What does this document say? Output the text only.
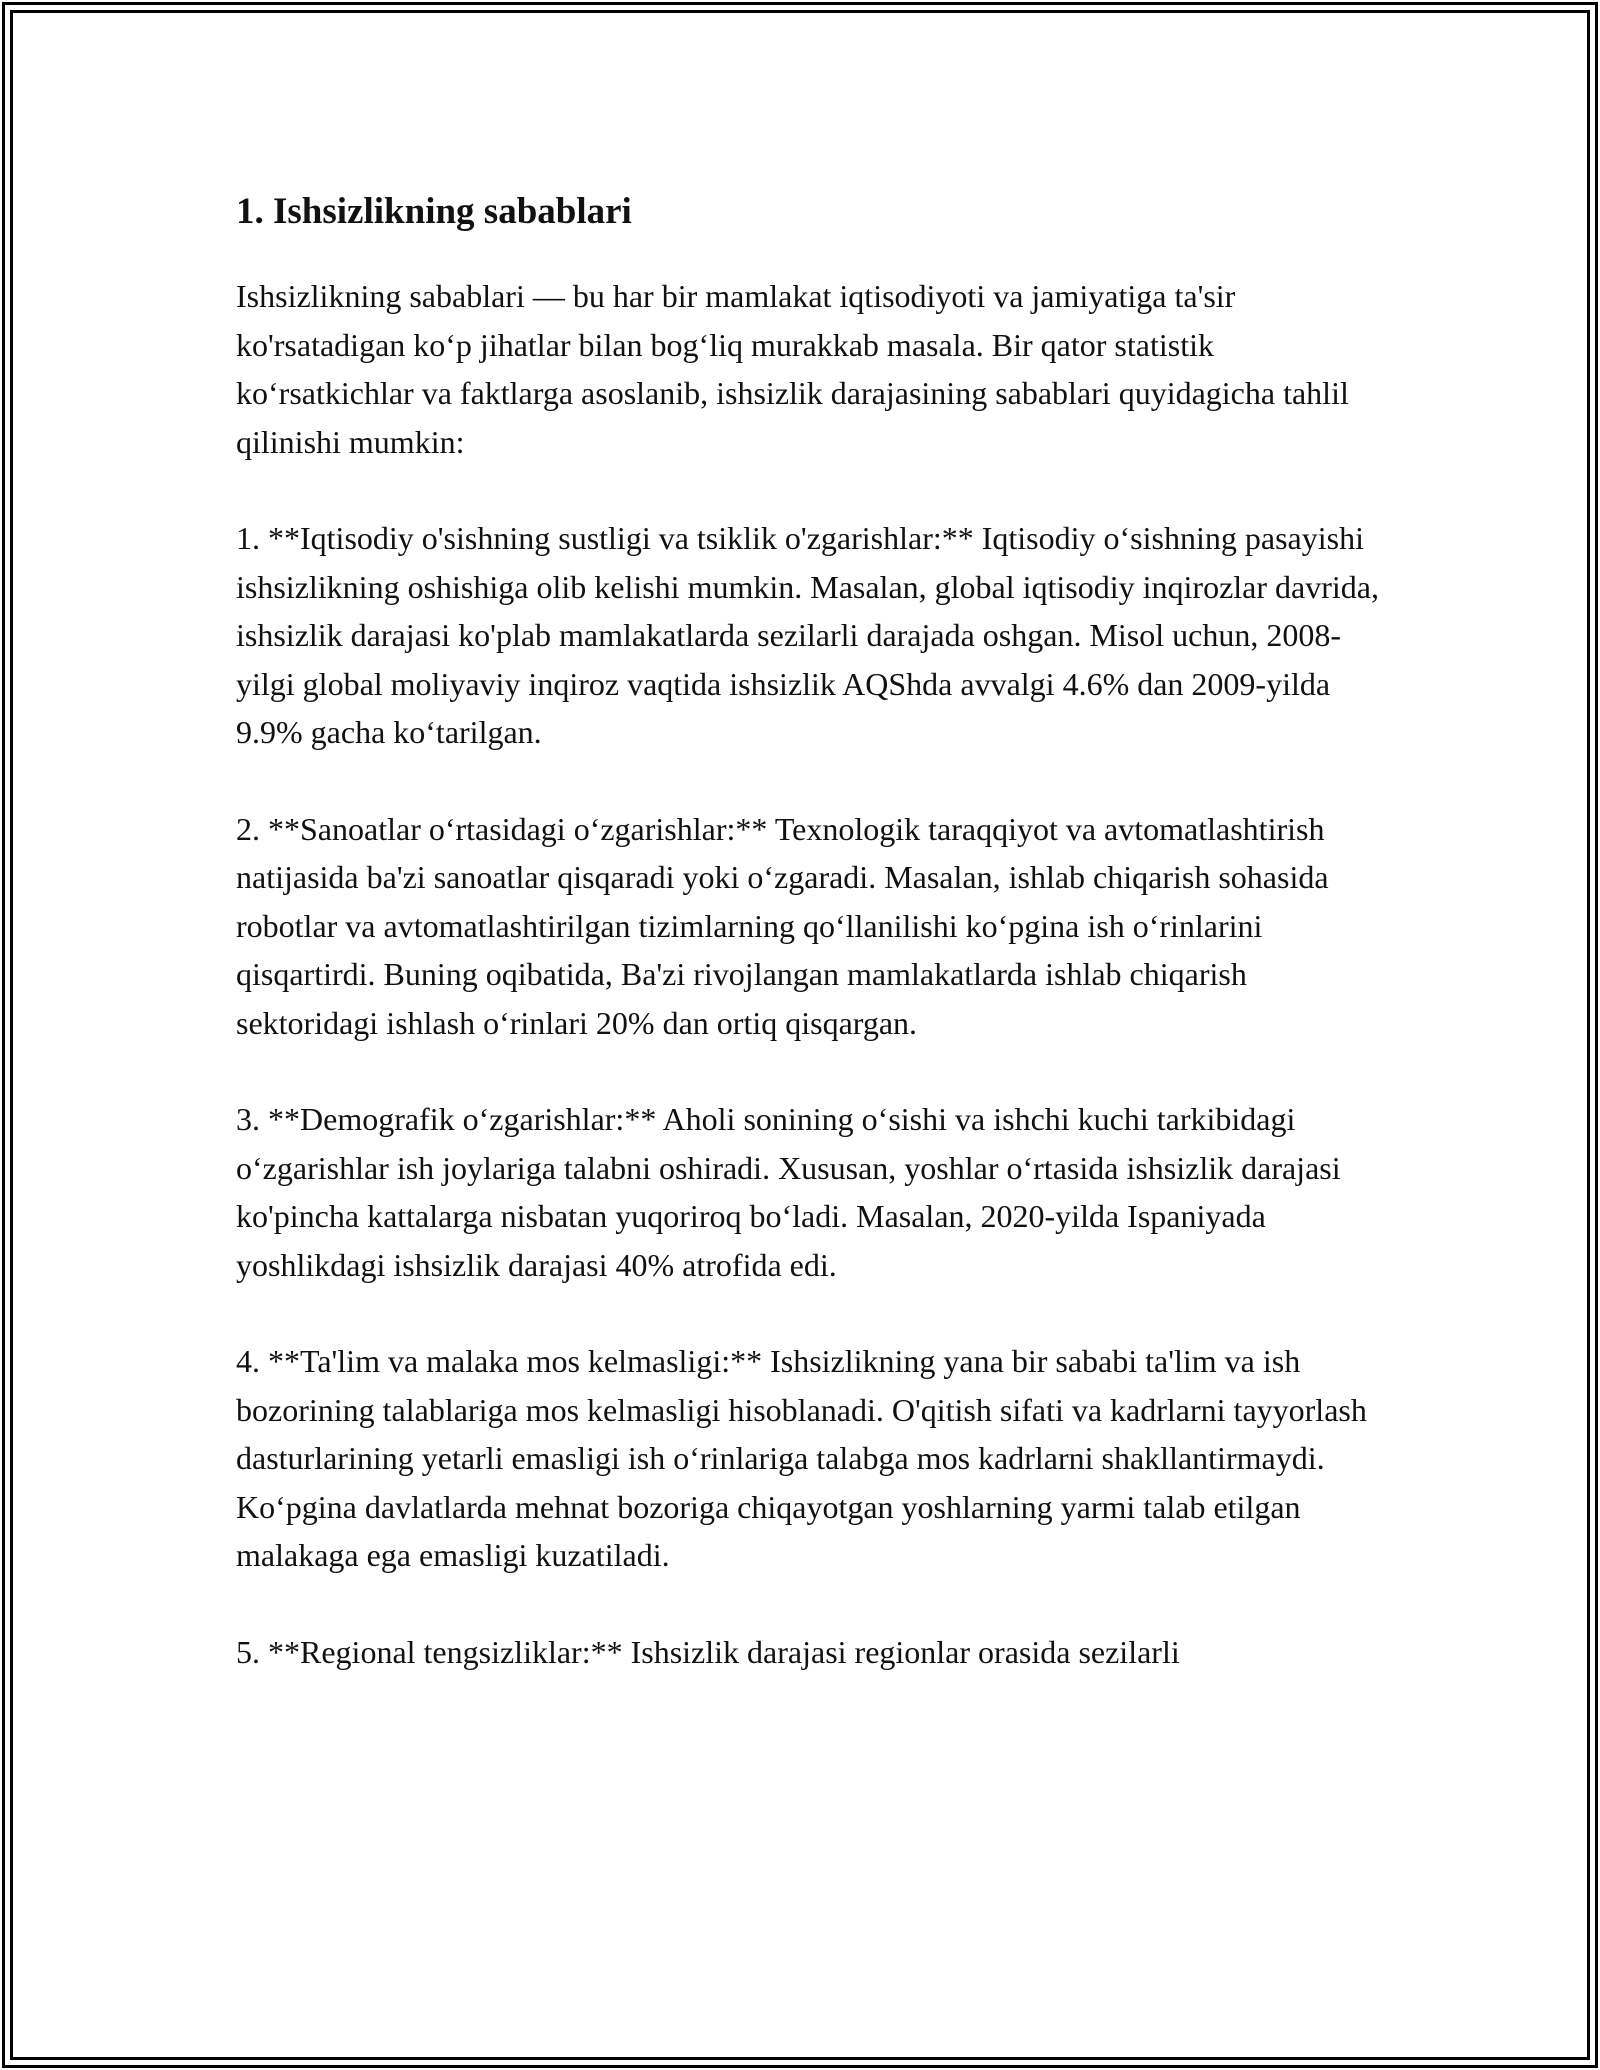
1. Ishsizlikning sabablari

Ishsizlikning sabablari — bu har bir mamlakat iqtisodiyoti va jamiyatiga ta'sir ko'rsatadigan ko‘p jihatlar bilan bog‘liq murakkab masala. Bir qator statistik ko‘rsatkichlar va faktlarga asoslanib, ishsizlik darajasining sabablari quyidagicha tahlil qilinishi mumkin:

1. **Iqtisodiy o'sishning sustligi va tsiklik o'zgarishlar:** Iqtisodiy o‘sishning pasayishi ishsizlikning oshishiga olib kelishi mumkin. Masalan, global iqtisodiy inqirozlar davrida, ishsizlik darajasi ko'plab mamlakatlarda sezilarli darajada oshgan. Misol uchun, 2008-yilgi global moliyaviy inqiroz vaqtida ishsizlik AQShda avvalgi 4.6% dan 2009-yilda 9.9% gacha ko‘tarilgan.

2. **Sanoatlar o‘rtasidagi o‘zgarishlar:** Texnologik taraqqiyot va avtomatlashtirish natijasida ba'zi sanoatlar qisqaradi yoki o‘zgaradi. Masalan, ishlab chiqarish sohasida robotlar va avtomatlashtirilgan tizimlarning qo‘llanilishi ko‘pgina ish o‘rinlarini qisqartirdi. Buning oqibatida, Ba'zi rivojlangan mamlakatlarda ishlab chiqarish sektoridagi ishlash o‘rinlari 20% dan ortiq qisqargan.

3. **Demografik o‘zgarishlar:** Aholi sonining o‘sishi va ishchi kuchi tarkibidagi o‘zgarishlar ish joylariga talabni oshiradi. Xususan, yoshlar o‘rtasida ishsizlik darajasi ko'pincha kattalarga nisbatan yuqoriroq bo‘ladi. Masalan, 2020-yilda Ispaniyada yoshlikdagi ishsizlik darajasi 40% atrofida edi.

4. **Ta'lim va malaka mos kelmasligi:** Ishsizlikning yana bir sababi ta'lim va ish bozorining talablariga mos kelmasligi hisoblanadi. O'qitish sifati va kadrlarni tayyorlash dasturlarining yetarli emasligi ish o‘rinlariga talabga mos kadrlarni shakllantirmaydi. Ko‘pgina davlatlarda mehnat bozoriga chiqayotgan yoshlarning yarmi talab etilgan malakaga ega emasligi kuzatiladi.

5. **Regional tengsizliklar:** Ishsizlik darajasi regionlar orasida sezilarli
